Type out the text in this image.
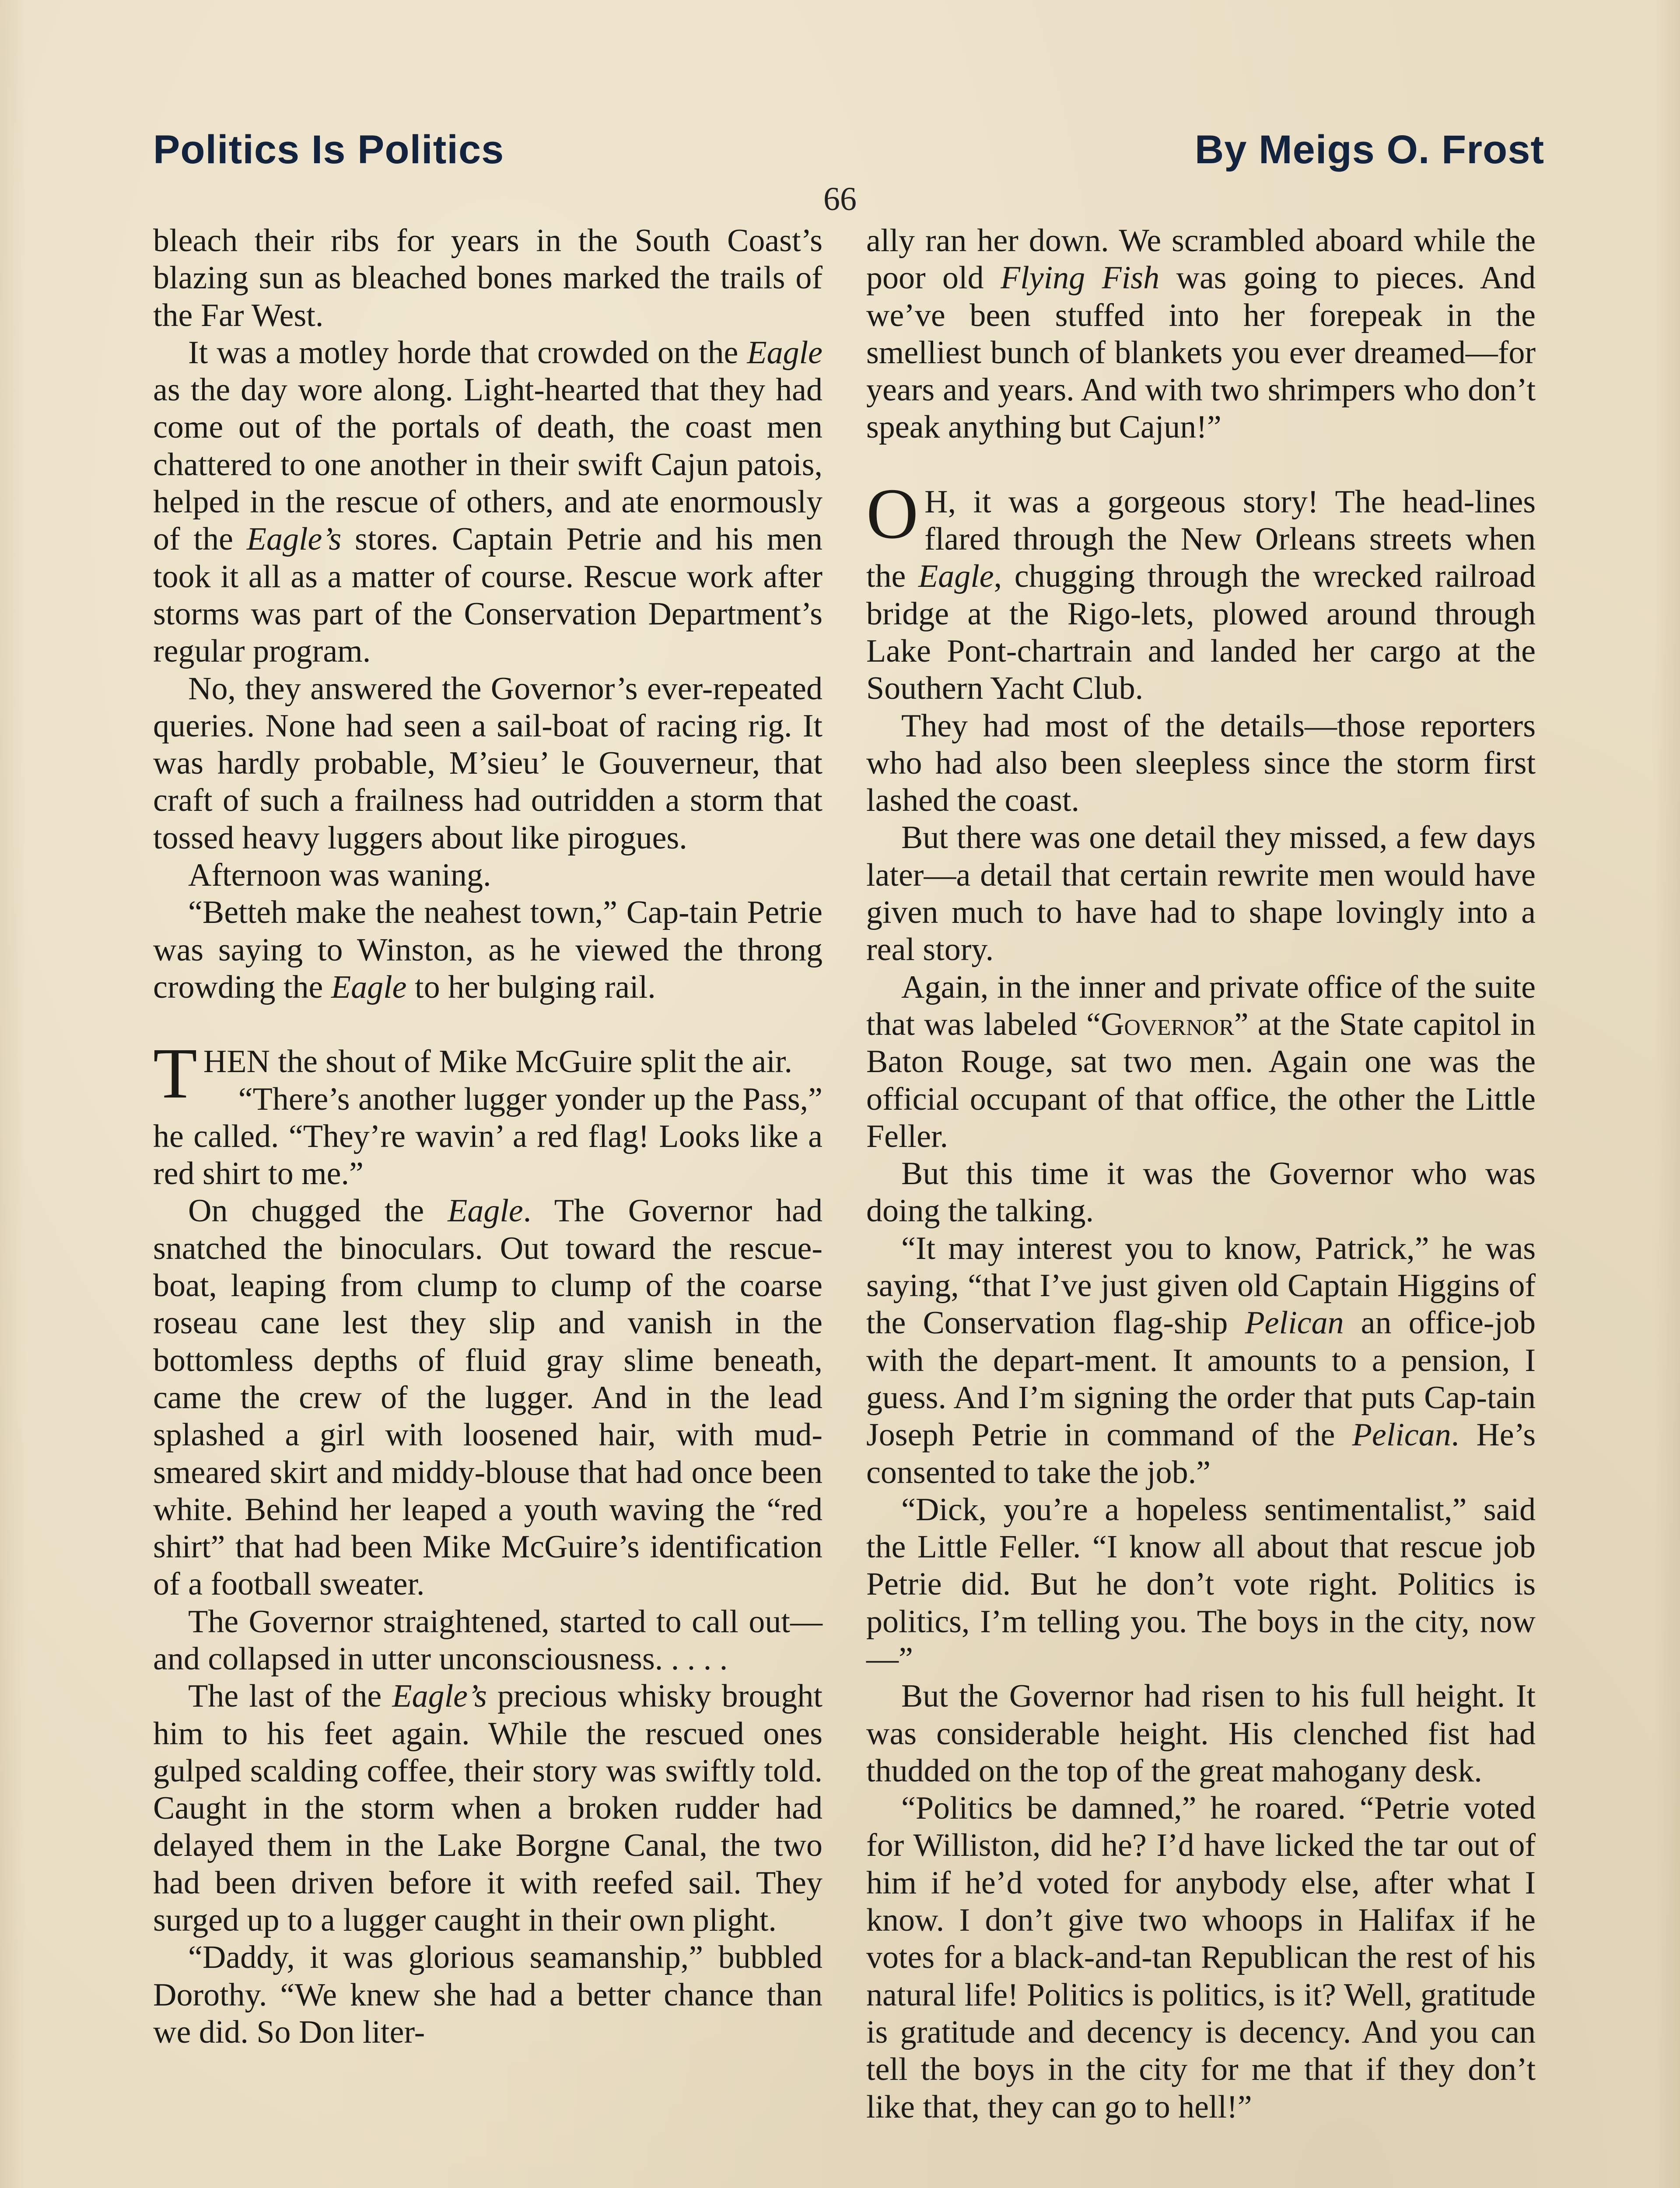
Politics Is Politics	By Meigs O. Frost
66

bleach their ribs for years in the South Coast’s blazing sun as bleached bones marked the trails of the Far West.

It was a motley horde that crowded on the Eagle as the day wore along. Light-hearted that they had come out of the portals of death, the coast men chattered to one another in their swift Cajun patois, helped in the rescue of others, and ate enormously of the Eagle’s stores. Captain Petrie and his men took it all as a matter of course. Rescue work after storms was part of the Conservation Department’s regular program.

No, they answered the Governor’s ever-repeated queries. None had seen a sail-boat of racing rig. It was hardly probable, M’sieu’ le Gouverneur, that craft of such a frailness had outridden a storm that tossed heavy luggers about like pirogues.

Afternoon was waning.

“Betteh make the neahest town,” Cap-tain Petrie was saying to Winston, as he viewed the throng crowding the Eagle to her bulging rail.

THEN the shout of Mike McGuire split the air.

“There’s another lugger yonder up the Pass,” he called. “They’re wavin’ a red flag! Looks like a red shirt to me.”

On chugged the Eagle. The Governor had snatched the binoculars. Out toward the rescue-boat, leaping from clump to clump of the coarse roseau cane lest they slip and vanish in the bottomless depths of fluid gray slime beneath, came the crew of the lugger. And in the lead splashed a girl with loosened hair, with mud-smeared skirt and middy-blouse that had once been white. Behind her leaped a youth waving the “red shirt” that had been Mike McGuire’s identification of a football sweater.

The Governor straightened, started to call out—and collapsed in utter unconsciousness. . . . .

The last of the Eagle’s precious whisky brought him to his feet again. While the rescued ones gulped scalding coffee, their story was swiftly told. Caught in the storm when a broken rudder had delayed them in the Lake Borgne Canal, the two had been driven before it with reefed sail. They surged up to a lugger caught in their own plight.

“Daddy, it was glorious seamanship,” bubbled Dorothy. “We knew she had a better chance than we did. So Don liter-

ally ran her down. We scrambled aboard while the poor old Flying Fish was going to pieces. And we’ve been stuffed into her forepeak in the smelliest bunch of blankets you ever dreamed—for years and years. And with two shrimpers who don’t speak anything but Cajun!”

O H, it was a gorgeous story! The head-lines flared through the New Orleans streets when the Eagle, chugging through the wrecked railroad bridge at the Rigo-lets, plowed around through Lake Pont-chartrain and landed her cargo at the Southern Yacht Club.

They had most of the details—those reporters who had also been sleepless since the storm first lashed the coast.

But there was one detail they missed, a few days later—a detail that certain rewrite men would have given much to have had to shape lovingly into a real story.

Again, in the inner and private office of the suite that was labeled “Governor” at the State capitol in Baton Rouge, sat two men. Again one was the official occupant of that office, the other the Little Feller.

But this time it was the Governor who was doing the talking.

“It may interest you to know, Patrick,” he was saying, “that I’ve just given old Captain Higgins of the Conservation flag-ship Pelican an office-job with the depart-ment. It amounts to a pension, I guess. And I’m signing the order that puts Cap-tain Joseph Petrie in command of the Pelican. He’s consented to take the job.”

“Dick, you’re a hopeless sentimentalist,” said the Little Feller. “I know all about that rescue job Petrie did. But he don’t vote right. Politics is politics, I’m telling you. The boys in the city, now—”

But the Governor had risen to his full height. It was considerable height. His clenched fist had thudded on the top of the great mahogany desk.

“Politics be damned,” he roared. “Petrie voted for Williston, did he? I’d have licked the tar out of him if he’d voted for anybody else, after what I know. I don’t give two whoops in Halifax if he votes for a black-and-tan Republican the rest of his natural life! Politics is politics, is it? Well, gratitude is gratitude and decency is decency. And you can tell the boys in the city for me that if they don’t like that, they can go to hell!”
